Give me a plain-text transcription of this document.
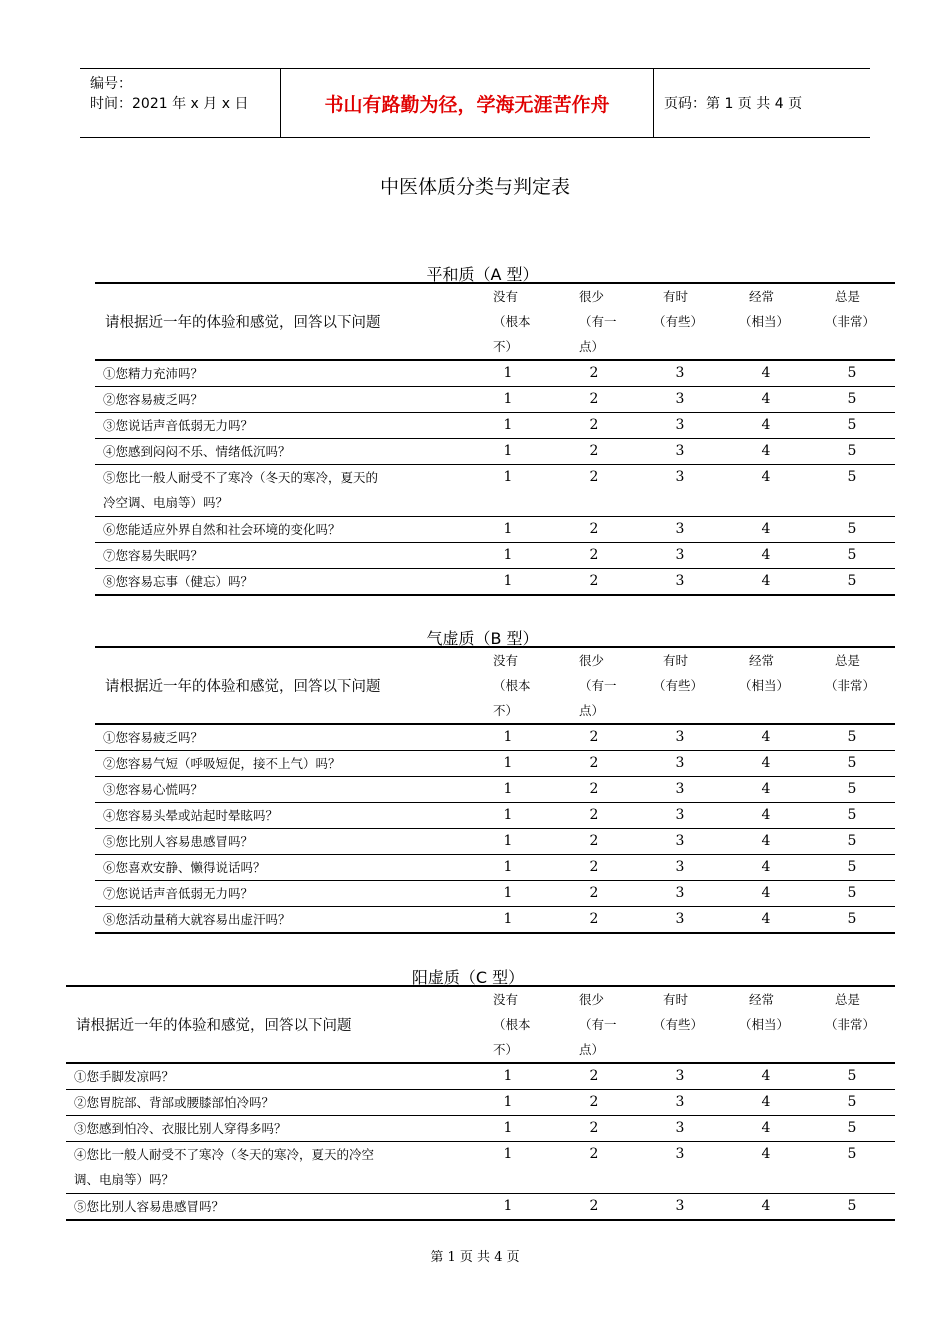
编号：
时间：2021 年 x 月 x 日	书山有路勤为径，学海无涯苦作舟	页码：第 1 页 共 4 页
中医体质分类与判定表
平和质（A 型）
请根据近一年的体验和感觉，回答以下问题	没有
（根本
不）	很少
（有一
点）	有时
（有些）	经常
（相当）	总是
（非常）

①您精力充沛吗？	1	2	3	4	5

②您容易疲乏吗？	1	2	3	4	5

③您说话声音低弱无力吗？	1	2	3	4	5

④您感到闷闷不乐、情绪低沉吗？	1	2	3	4	5

⑤您比一般人耐受不了寒冷（冬天的寒冷，夏天的
冷空调、电扇等）吗？	1	2	3	4	5

⑥您能适应外界自然和社会环境的变化吗？	1	2	3	4	5

⑦您容易失眠吗？	1	2	3	4	5

⑧您容易忘事（健忘）吗？	1	2	3	4	5
气虚质（B 型）
请根据近一年的体验和感觉，回答以下问题	没有
（根本
不）	很少
（有一
点）	有时
（有些）	经常
（相当）	总是
（非常）

①您容易疲乏吗？	1	2	3	4	5

②您容易气短（呼吸短促，接不上气）吗？	1	2	3	4	5

③您容易心慌吗？	1	2	3	4	5

④您容易头晕或站起时晕眩吗？	1	2	3	4	5

⑤您比别人容易患感冒吗？	1	2	3	4	5

⑥您喜欢安静、懒得说话吗？	1	2	3	4	5

⑦您说话声音低弱无力吗？	1	2	3	4	5

⑧您活动量稍大就容易出虚汗吗？	1	2	3	4	5
阳虚质（C 型）
请根据近一年的体验和感觉，回答以下问题	没有
（根本
不）	很少
（有一
点）	有时
（有些）	经常
（相当）	总是
（非常）

①您手脚发凉吗？	1	2	3	4	5

②您胃脘部、背部或腰膝部怕冷吗？	1	2	3	4	5

③您感到怕冷、衣服比别人穿得多吗？	1	2	3	4	5

④您比一般人耐受不了寒冷（冬天的寒冷，夏天的冷空
调、电扇等）吗？	1	2	3	4	5

⑤您比别人容易患感冒吗？	1	2	3	4	5
第 1 页 共 4 页
